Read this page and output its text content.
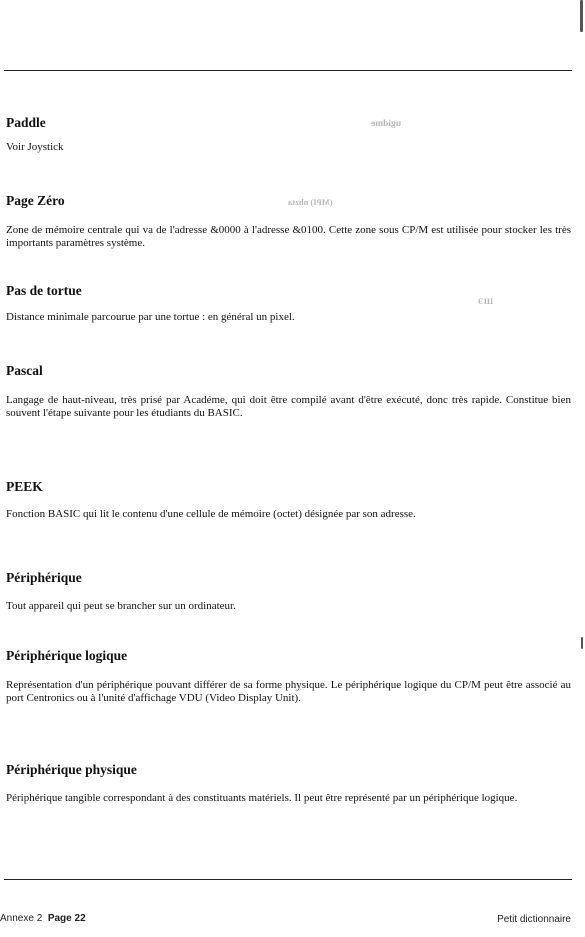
Paddle

Voir Joystick

Page Zéro

Zone de mémoire centrale qui va de l'adresse &0000 à l'adresse &0100. Cette zone sous CP/M est utilisée pour stocker les très importants paramètres système.

Pas de tortue

Distance minimale parcourue par une tortue : en général un pixel.

Pascal

Langage de haut-niveau, très prisé par Académe, qui doit être compilé avant d'être exécuté, donc très rapide. Constitue bien souvent l'étape suivante pour les étudiants du BASIC.

PEEK

Fonction BASIC qui lit le contenu d'une cellule de mémoire (octet) désignée par son adresse.

Périphérique

Tout appareil qui peut se brancher sur un ordinateur.

Périphérique logique

Représentation d'un périphérique pouvant différer de sa forme physique. Le périphérique logique du CP/M peut être associé au port Centronics ou à l'unité d'affichage VDU (Video Display Unit).

Périphérique physique

Périphérique tangible correspondant à des constituants matériels. Il peut être représenté par un périphérique logique.

ugidme
(MPI) nbzta
ШЭ
Annexe 2 Page 22	Petit dictionnaire
